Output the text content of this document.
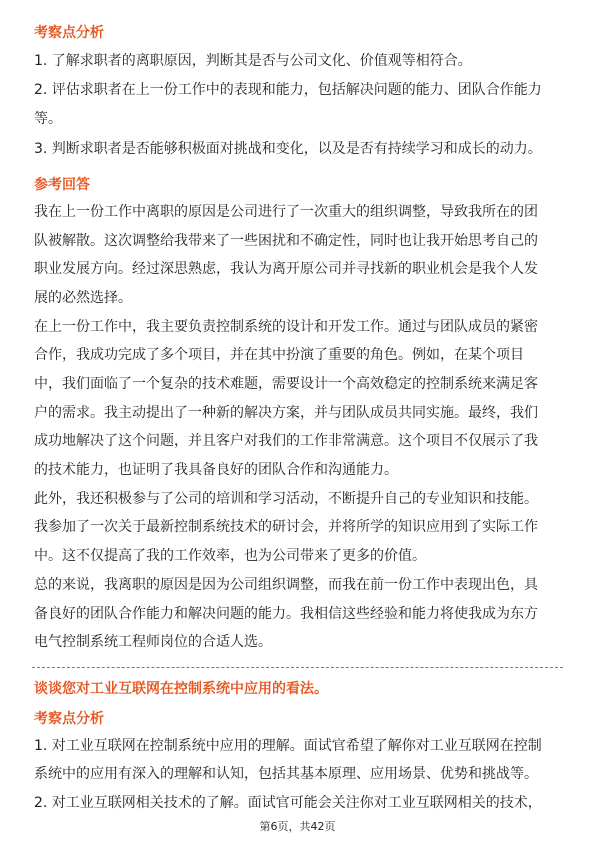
考察点分析
1. 了解求职者的离职原因，判断其是否与公司文化、价值观等相符合。
2. 评估求职者在上一份工作中的表现和能力，包括解决问题的能力、团队合作能力
等。
3. 判断求职者是否能够积极面对挑战和变化，以及是否有持续学习和成长的动力。
参考回答
我在上一份工作中离职的原因是公司进行了一次重大的组织调整，导致我所在的团
队被解散。这次调整给我带来了一些困扰和不确定性，同时也让我开始思考自己的
职业发展方向。经过深思熟虑，我认为离开原公司并寻找新的职业机会是我个人发
展的必然选择。
在上一份工作中，我主要负责控制系统的设计和开发工作。通过与团队成员的紧密
合作，我成功完成了多个项目，并在其中扮演了重要的角色。例如，在某个项目
中，我们面临了一个复杂的技术难题，需要设计一个高效稳定的控制系统来满足客
户的需求。我主动提出了一种新的解决方案，并与团队成员共同实施。最终，我们
成功地解决了这个问题，并且客户对我们的工作非常满意。这个项目不仅展示了我
的技术能力，也证明了我具备良好的团队合作和沟通能力。
此外，我还积极参与了公司的培训和学习活动，不断提升自己的专业知识和技能。
我参加了一次关于最新控制系统技术的研讨会，并将所学的知识应用到了实际工作
中。这不仅提高了我的工作效率，也为公司带来了更多的价值。
总的来说，我离职的原因是因为公司组织调整，而我在前一份工作中表现出色，具
备良好的团队合作能力和解决问题的能力。我相信这些经验和能力将使我成为东方
电气控制系统工程师岗位的合适人选。
谈谈您对工业互联网在控制系统中应用的看法。
考察点分析
1. 对工业互联网在控制系统中应用的理解。面试官希望了解你对工业互联网在控制
系统中的应用有深入的理解和认知，包括其基本原理、应用场景、优势和挑战等。
2. 对工业互联网相关技术的了解。面试官可能会关注你对工业互联网相关的技术，
第6页，共42页
